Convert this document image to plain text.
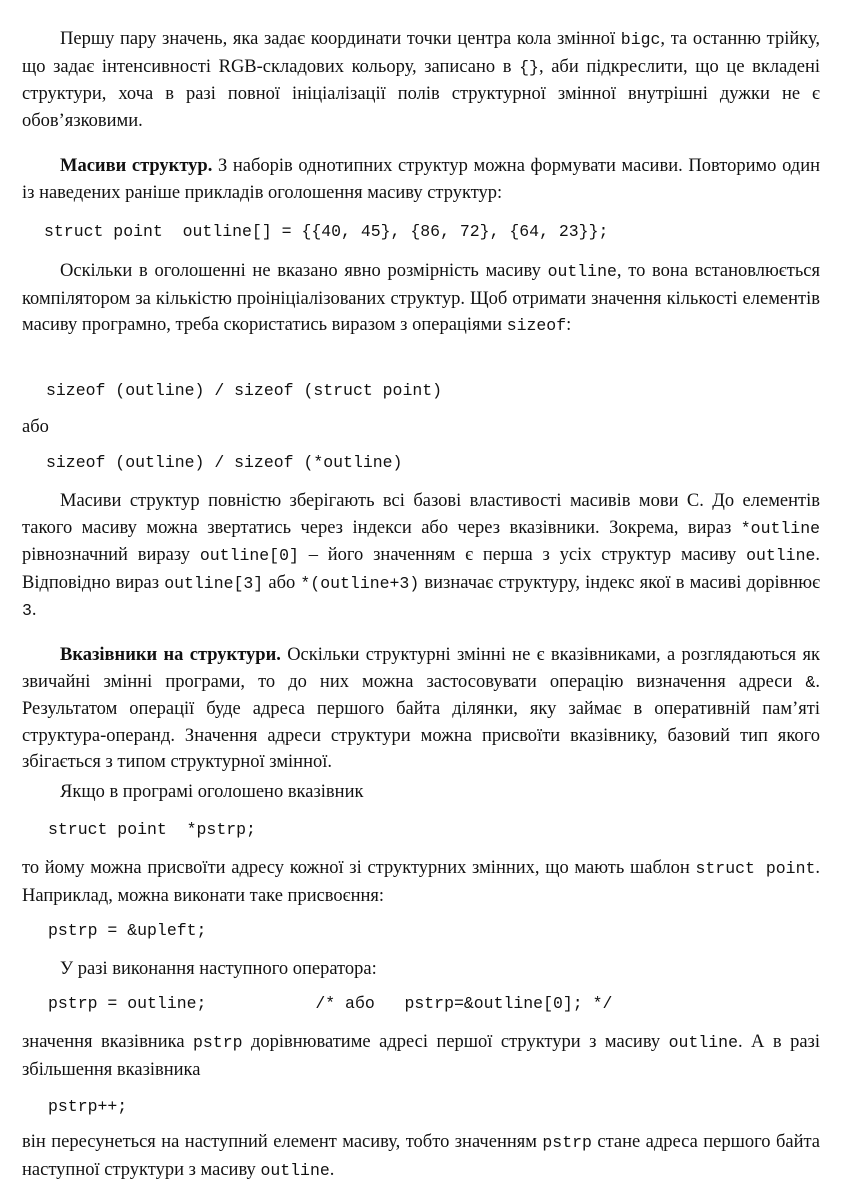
Першу пару значень, яка задає координати точки центра кола змінної bigc, та останню трійку, що задає інтенсивності RGB-складових кольору, записано в {}, аби підкреслити, що це вкладені структури, хоча в разі повної ініціалізації полів структурної змінної внутрішні дужки не є обов’язковими.

Масиви структур. З наборів однотипних структур можна формувати масиви. Повторимо один із наведених раніше прикладів оголошення масиву структур:

struct point  outline[] = {{40, 45}, {86, 72}, {64, 23}};

Оскільки в оголошенні не вказано явно розмірність масиву outline, то вона встановлюється компілятором за кількістю проініціалізованих структур. Щоб отримати значення кількості елементів масиву програмно, треба скористатись виразом з операціями sizeof:

sizeof (outline) / sizeof (struct point)
або
sizeof (outline) / sizeof (*outline)

Масиви структур повністю зберігають всі базові властивості масивів мови C. До елементів такого масиву можна звертатись через індекси або через вказівники. Зокрема, вираз *outline рівнозначний виразу outline[0] – його значенням є перша з усіх структур масиву outline. Відповідно вираз outline[3] або *(outline+3) визначає структуру, індекс якої в масиві дорівнює 3.

Вказівники на структури. Оскільки структурні змінні не є вказівниками, а розглядаються як звичайні змінні програми, то до них можна застосовувати операцію визначення адреси &. Результатом операції буде адреса першого байта ділянки, яку займає в оперативній пам’яті структура-операнд. Значення адреси структури можна присвоїти вказівнику, базовий тип якого збігається з типом структурної змінної.

Якщо в програмі оголошено вказівник

struct point  *pstrp;

то йому можна присвоїти адресу кожної зі структурних змінних, що мають шаблон struct point. Наприклад, можна виконати таке присвоєння:

pstrp = &upleft;

У разі виконання наступного оператора:

pstrp = outline;           /* або   pstrp=&outline[0]; */

значення вказівника pstrp дорівнюватиме адресі першої структури з масиву outline. А в разі збільшення вказівника

pstrp++;

він пересунеться на наступний елемент масиву, тобто значенням pstrp стане адреса першого байта наступної структури з масиву outline.
